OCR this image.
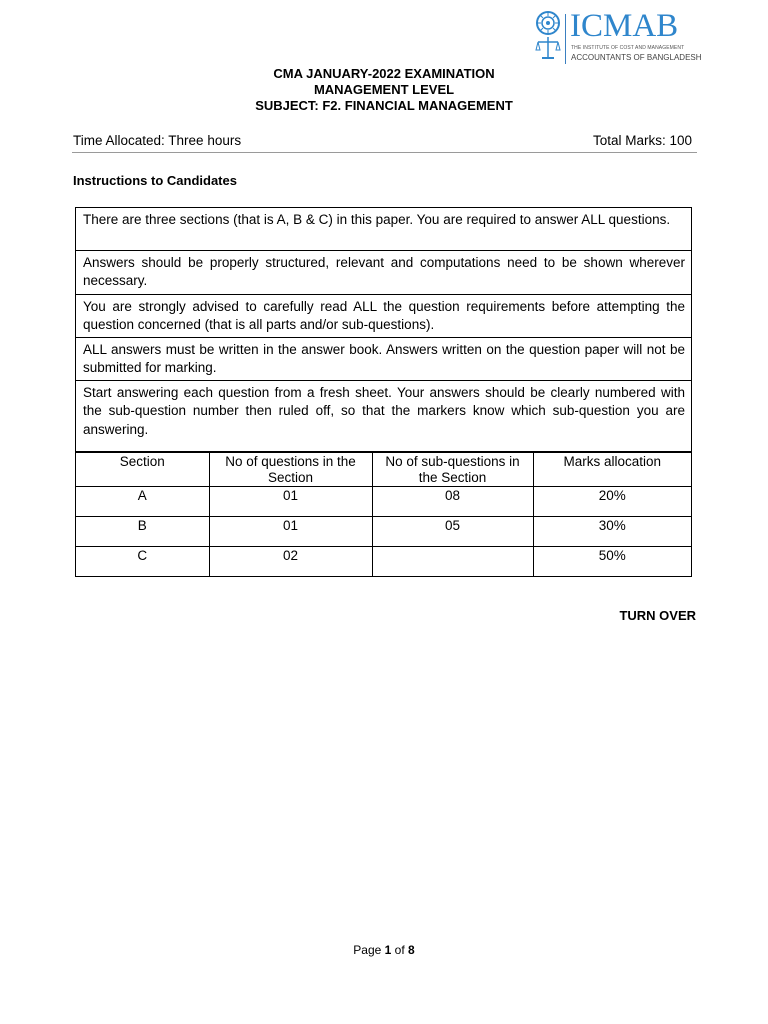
ICMAB
THE INSTITUTE OF COST AND MANAGEMENT
ACCOUNTANTS OF BANGLADESH
CMA JANUARY-2022 EXAMINATION
MANAGEMENT LEVEL
SUBJECT: F2. FINANCIAL MANAGEMENT
Time Allocated: Three hours	Total Marks: 100
Instructions to Candidates
There are three sections (that is A, B & C) in this paper. You are required to answer ALL questions.
Answers should be properly structured, relevant and computations need to be shown wherever necessary.
You are strongly advised to carefully read ALL the question requirements before attempting the question concerned (that is all parts and/or sub-questions).
ALL answers must be written in the answer book. Answers written on the question paper will not be submitted for marking.
Start answering each question from a fresh sheet. Your answers should be clearly numbered with the sub-question number then ruled off, so that the markers know which sub-question you are answering.
Section	No of questions in the Section	No of sub-questions in the Section	Marks allocation
A	01	08	20%
B	01	05	30%
C	02		50%
TURN OVER
Page 1 of 8
